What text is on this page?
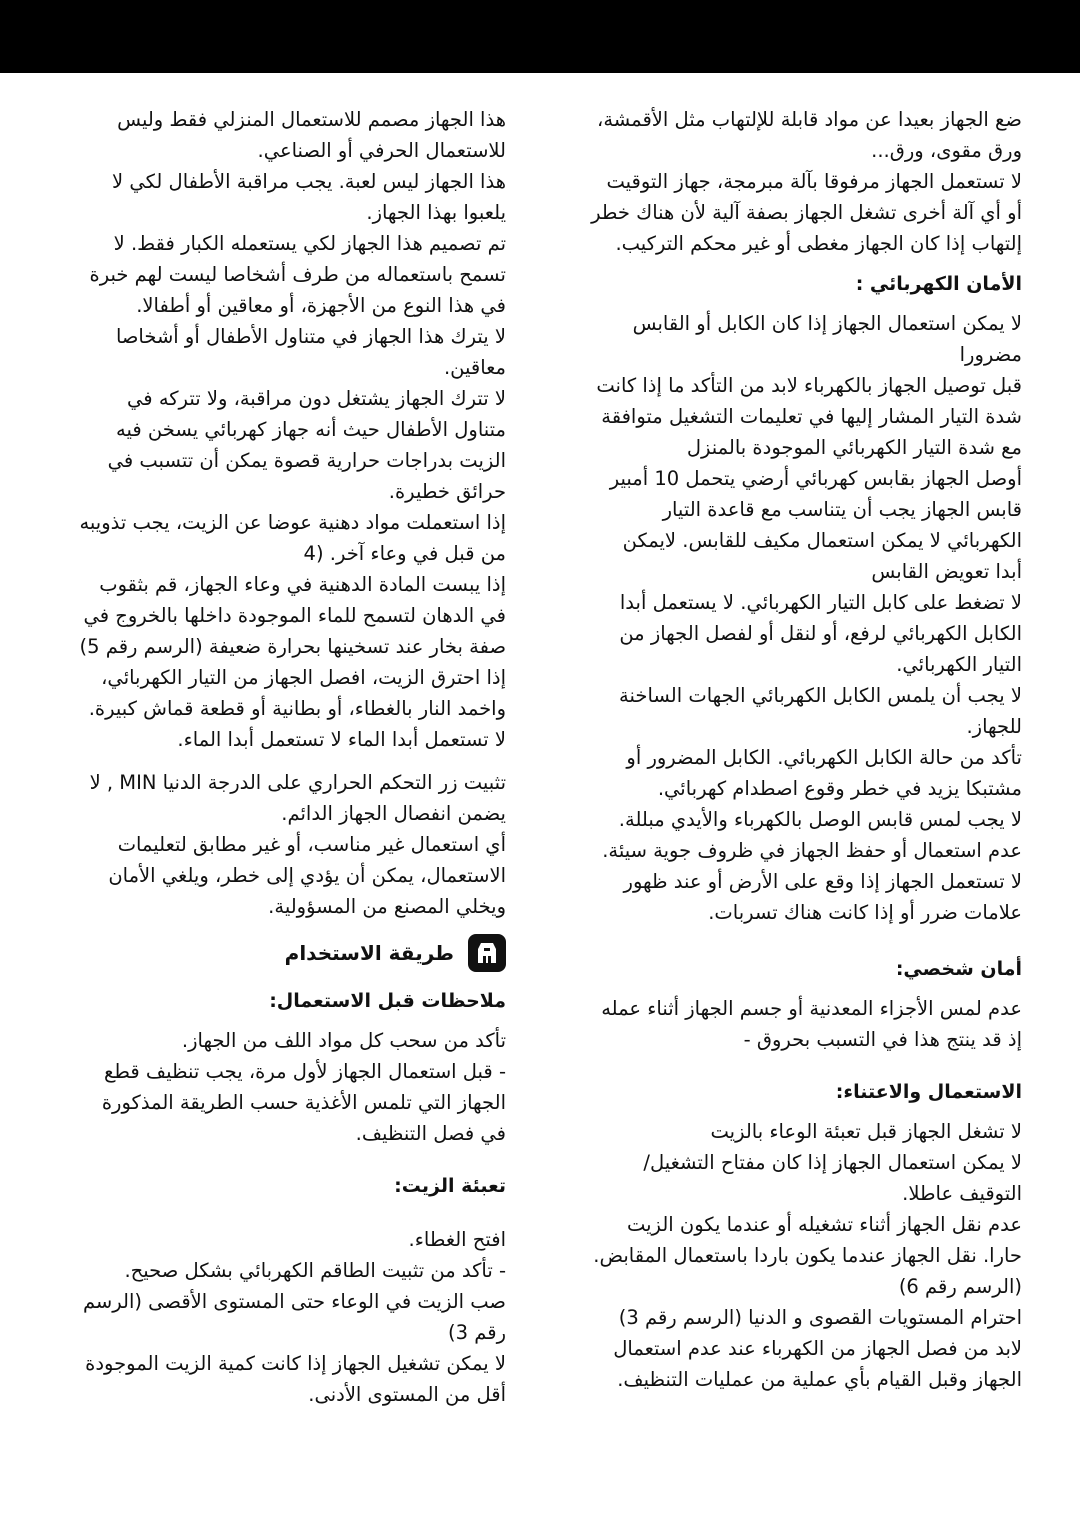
ضع الجهاز بعيدا عن مواد قابلة للإلتهاب مثل الأقمشة، ورق مقوى، ورق...

لا تستعمل الجهاز مرفوقا بآلة مبرمجة، جهاز التوقيت أو أي آلة أخرى تشغل الجهاز بصفة آلية لأن هناك خطر إلتهاب إذا كان الجهاز مغطى أو غير محكم التركيب.

الأمان الكهربائي :

لا يمكن استعمال الجهاز إذا كان الكابل أو القابس مضرورا

قبل توصيل الجهاز بالكهرباء لابد من التأكد ما إذا كانت شدة التيار المشار إليها في تعليمات التشغيل متوافقة مع شدة التيار الكهربائي الموجودة بالمنزل

أوصل الجهاز بقابس كهربائي أرضي يتحمل 10 أمبير

قابس الجهاز يجب أن يتناسب مع قاعدة التيار الكهربائي لا يمكن استعمال مكيف للقابس. لايمكن أبدا تعويض القابس

لا تضغط على كابل التيار الكهربائي. لا يستعمل أبدا الكابل الكهربائي لرفع، أو لنقل أو لفصل الجهاز من التيار الكهربائي.

لا يجب أن يلمس الكابل الكهربائي الجهات الساخنة للجهاز.

تأكد من حالة الكابل الكهربائي. الكابل المضرور أو مشتبكا يزيد في خطر وقوع اصطدام كهربائي.

لا يجب لمس قابس الوصل بالكهرباء والأيدي مبللة.

عدم استعمال أو حفظ الجهاز في ظروف جوية سيئة.

لا تستعمل الجهاز إذا وقع على الأرض أو عند ظهور علامات ضرر أو إذا كانت هناك تسربات.

أمان شخصي:

عدم لمس الأجزاء المعدنية أو جسم الجهاز أثناء عمله إذ قد ينتج هذا في التسبب بحروق -

الاستعمال والاعتناء:

لا تشغل الجهاز قبل تعبئة الوعاء بالزيت

لا يمكن استعمال الجهاز إذا كان مفتاح التشغيل/التوقيف عاطلا.

عدم نقل الجهاز أثناء تشغيله أو عندما يكون الزيت حارا. نقل الجهاز عندما يكون باردا باستعمال المقابض. (الرسم رقم 6)

احترام المستويات القصوى و الدنيا (الرسم رقم 3)

لابد من فصل الجهاز من الكهرباء عند عدم استعمال الجهاز وقبل القيام بأي عملية من عمليات التنظيف.

هذا الجهاز مصمم للاستعمال المنزلي فقط وليس للاستعمال الحرفي أو الصناعي.

هذا الجهاز ليس لعبة. يجب مراقبة الأطفال لكي لا يلعبوا بهذا الجهاز.

تم تصميم هذا الجهاز لكي يستعمله الكبار فقط. لا تسمح باستعماله من طرف أشخاصا ليست لهم خبرة في هذا النوع من الأجهزة، أو معاقين أو أطفالا.

لا يترك هذا الجهاز في متناول الأطفال أو أشخاصا معاقين.

لا تترك الجهاز يشتغل دون مراقبة، ولا تتركه في متناول الأطفال حيث أنه جهاز كهربائي يسخن فيه الزيت بدراجات حرارية قصوة يمكن أن تتسبب في حرائق خطيرة.

إذا استعملت مواد دهنية عوضا عن الزيت، يجب تذويبه من قبل في وعاء آخر. (4

إذا يبست المادة الدهنية في وعاء الجهاز، قم بثقوب في الدهان لتسمح للماء الموجودة داخلها بالخروج في صفة بخار عند تسخينها بحرارة ضعيفة (الرسم رقم 5)

إذا احترق الزيت، افصل الجهاز من التيار الكهربائي، واخمد النار بالغطاء، أو بطانية أو قطعة قماش كبيرة. لا تستعمل أبدا الماء لا تستعمل أبدا الماء.

تثبيت زر التحكم الحراري على الدرجة الدنيا MIN , لا يضمن انفصال الجهاز الدائم.

أي استعمال غير مناسب، أو غير مطابق لتعليمات الاستعمال، يمكن أن يؤدي إلى خطر، ويلغي الأمان ويخلي المصنع من المسؤولية.

طريقة الاستخدام

ملاحظات قبل الاستعمال:

تأكد من سحب كل مواد اللف من الجهاز.

- قبل استعمال الجهاز لأول مرة، يجب تنظيف قطع الجهاز التي تلمس الأغذية حسب الطريقة المذكورة في فصل التنظيف.

تعبئة الزيت:

افتح الغطاء.

- تأكد من تثبيت الطاقم الكهربائي بشكل صحيح.

صب الزيت في الوعاء حتى المستوى الأقصى (الرسم رقم 3)

لا يمكن تشغيل الجهاز إذا كانت كمية الزيت الموجودة أقل من المستوى الأدنى.
